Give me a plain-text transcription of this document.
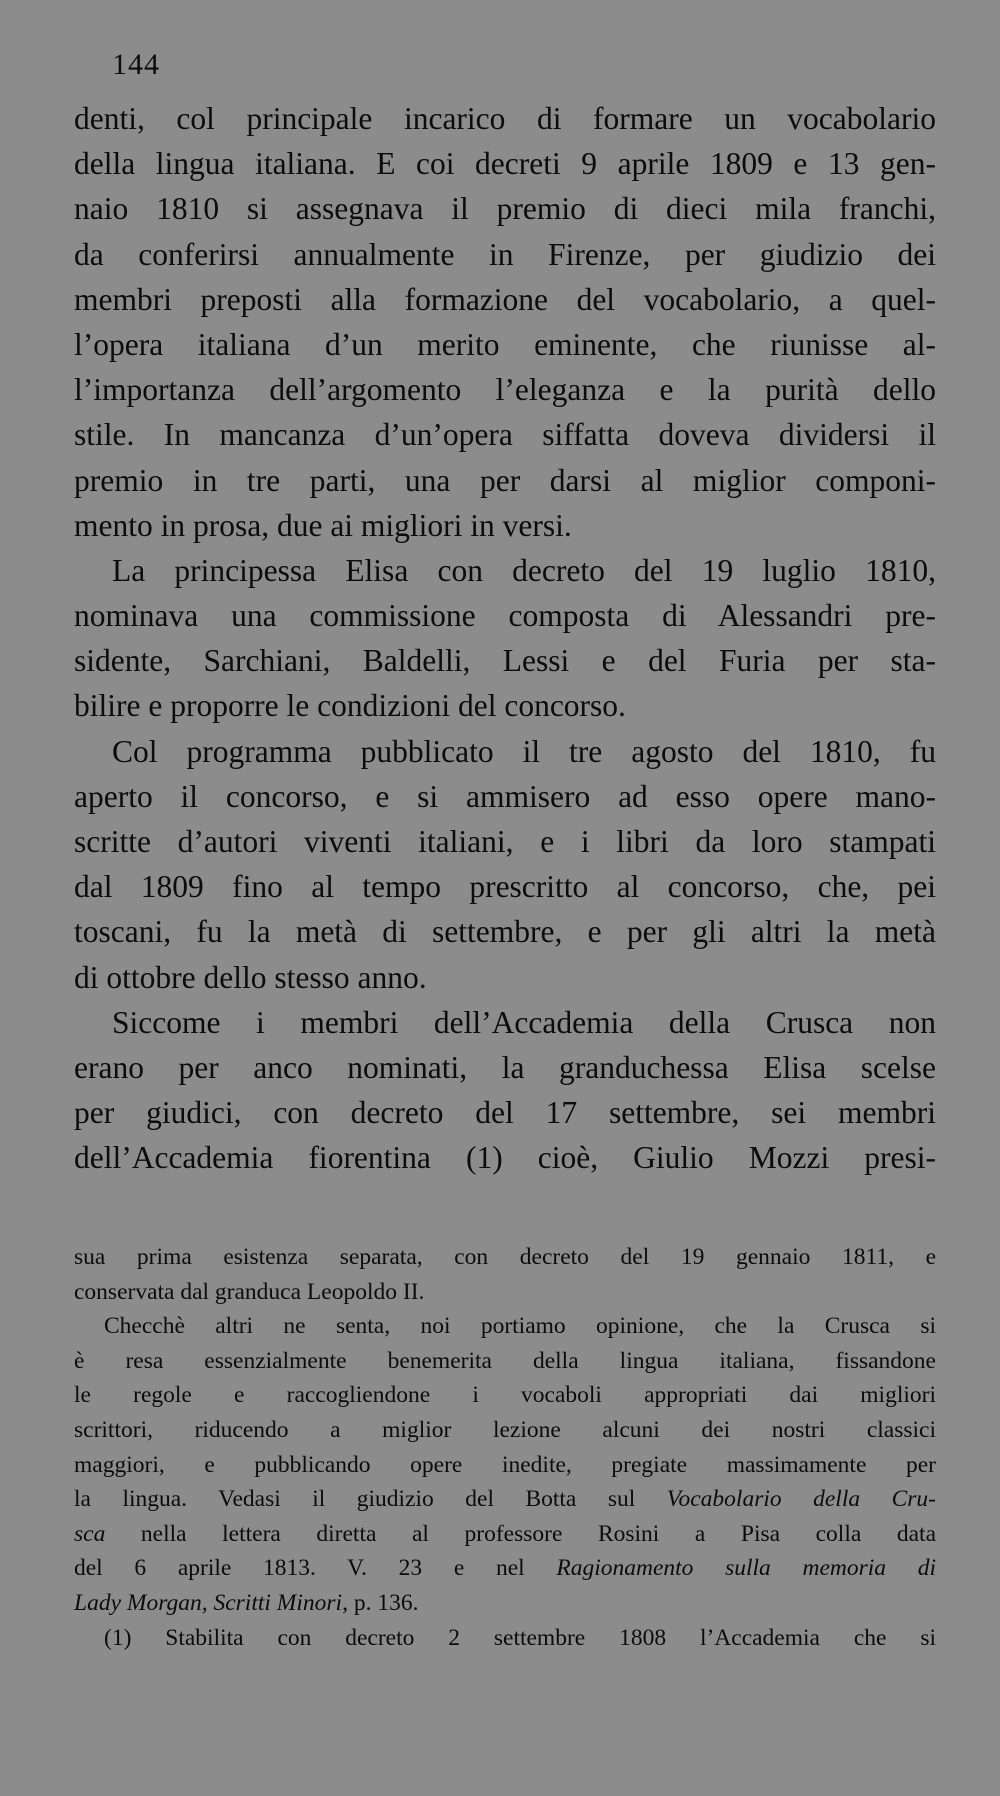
144
denti, col principale incarico di formare un vocabolario
della lingua italiana. E coi decreti 9 aprile 1809 e 13 gen-
naio 1810 si assegnava il premio di dieci mila franchi,
da conferirsi annualmente in Firenze, per giudizio dei
membri preposti alla formazione del vocabolario, a quel-
l’opera italiana d’un merito eminente, che riunisse al-
l’importanza dell’argomento l’eleganza e la purità dello
stile. In mancanza d’un’opera siffatta doveva dividersi il
premio in tre parti, una per darsi al miglior componi-
mento in prosa, due ai migliori in versi.
La principessa Elisa con decreto del 19 luglio 1810,
nominava una commissione composta di Alessandri pre-
sidente, Sarchiani, Baldelli, Lessi e del Furia per sta-
bilire e proporre le condizioni del concorso.
Col programma pubblicato il tre agosto del 1810, fu
aperto il concorso, e si ammisero ad esso opere mano-
scritte d’autori viventi italiani, e i libri da loro stampati
dal 1809 fino al tempo prescritto al concorso, che, pei
toscani, fu la metà di settembre, e per gli altri la metà
di ottobre dello stesso anno.
Siccome i membri dell’Accademia della Crusca non
erano per anco nominati, la granduchessa Elisa scelse
per giudici, con decreto del 17 settembre, sei membri
dell’Accademia fiorentina (1) cioè, Giulio Mozzi presi-
sua prima esistenza separata, con decreto del 19 gennaio 1811, e
conservata dal granduca Leopoldo II.
Checchè altri ne senta, noi portiamo opinione, che la Crusca si
è resa essenzialmente benemerita della lingua italiana, fissandone
le regole e raccogliendone i vocaboli appropriati dai migliori
scrittori, riducendo a miglior lezione alcuni dei nostri classici
maggiori, e pubblicando opere inedite, pregiate massimamente per
la lingua. Vedasi il giudizio del Botta sul Vocabolario della Cru-
sca nella lettera diretta al professore Rosini a Pisa colla data
del 6 aprile 1813. V. 23 e nel Ragionamento sulla memoria di
Lady Morgan, Scritti Minori, p. 136.
(1) Stabilita con decreto 2 settembre 1808 l’Accademia che si
